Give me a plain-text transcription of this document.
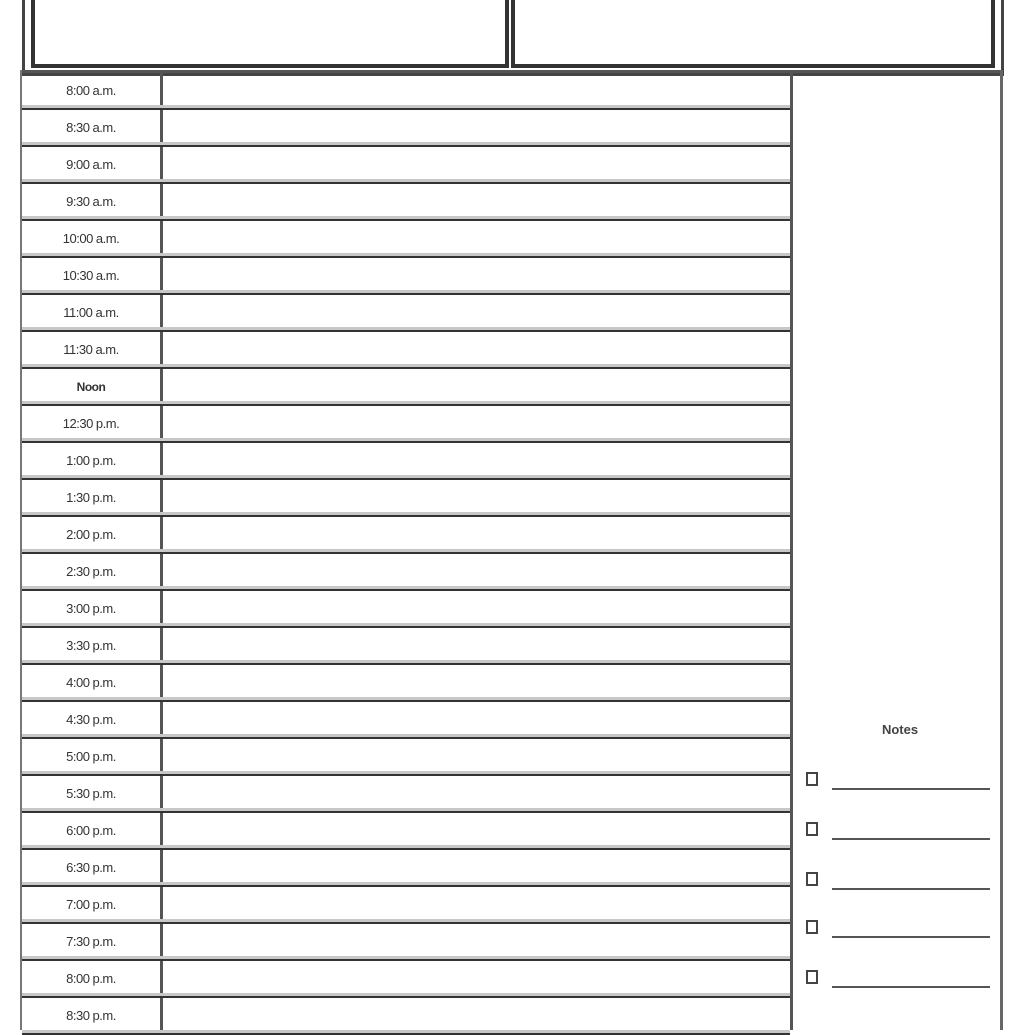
8:00 a.m.
8:30 a.m.
9:00 a.m.
9:30 a.m.
10:00 a.m.
10:30 a.m.
11:00 a.m.
11:30 a.m.
Noon
12:30 p.m.
1:00 p.m.
1:30 p.m.
2:00 p.m.
2:30 p.m.
3:00 p.m.
3:30 p.m.
4:00 p.m.
4:30 p.m.
5:00 p.m.
5:30 p.m.
6:00 p.m.
6:30 p.m.
7:00 p.m.
7:30 p.m.
8:00 p.m.
8:30 p.m.
Notes
